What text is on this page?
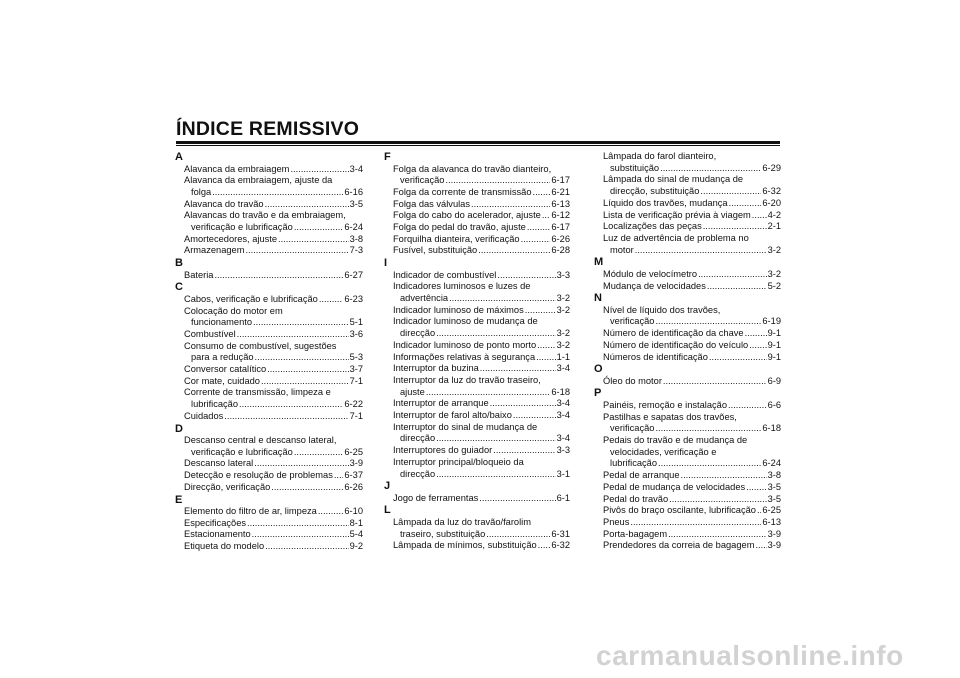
ÍNDICE REMISSIVO
A
Alavanca da embraiagem .....	3-4
Alavanca da embraiagem, ajuste da
folga .....	6-16
Alavanca do travão .....	3-5
Alavancas do travão e da embraiagem,
verificação e lubrificação .....	6-24
Amortecedores, ajuste .....	3-8
Armazenagem .....	7-3
B
Bateria .....	6-27
C
Cabos, verificação e lubrificação .....	6-23
Colocação do motor em
funcionamento .....	5-1
Combustível .....	3-6
Consumo de combustível, sugestões
para a redução .....	5-3
Conversor catalítico .....	3-7
Cor mate, cuidado .....	7-1
Corrente de transmissão, limpeza e
lubrificação .....	6-22
Cuidados .....	7-1
D
Descanso central e descanso lateral,
verificação e lubrificação .....	6-25
Descanso lateral .....	3-9
Detecção e resolução de problemas ..... 6-37
Direcção, verificação .....	6-26
E
Elemento do filtro de ar, limpeza .....	6-10
Especificações .....	8-1
Estacionamento .....	5-4
Etiqueta do modelo .....	9-2
F
Folga da alavanca do travão dianteiro,
verificação .....	6-17
Folga da corrente de transmissão ..... 6-21
Folga das válvulas .....	6-13
Folga do cabo do acelerador, ajuste ..... 6-12
Folga do pedal do travão, ajuste .....	6-17
Forquilha dianteira, verificação .....	6-26
Fusível, substituição .....	6-28
I
Indicador de combustível .....	3-3
Indicadores luminosos e luzes de
advertência .....	3-2
Indicador luminoso de máximos .....	3-2
Indicador luminoso de mudança de
direcção .....	3-2
Indicador luminoso de ponto morto ..... 3-2
Informações relativas à segurança ..... 1-1
Interruptor da buzina .....	3-4
Interruptor da luz do travão traseiro,
ajuste .....	6-18
Interruptor de arranque .....	3-4
Interruptor de farol alto/baixo .....	3-4
Interruptor do sinal de mudança de
direcção .....	3-4
Interruptores do guiador .....	3-3
Interruptor principal/bloqueio da
direcção .....	3-1
J
Jogo de ferramentas .....	6-1
L
Lâmpada da luz do travão/farolim
traseiro, substituição .....	6-31
Lâmpada de mínimos, substituição ..... 6-32
Lâmpada do farol dianteiro,
substituição .....	6-29
Lâmpada do sinal de mudança de
direcção, substituição .....	6-32
Líquido dos travões, mudança .....	6-20
Lista de verificação prévia à viagem ..... 4-2
Localizações das peças .....	2-1
Luz de advertência de problema no
motor .....	3-2
M
Módulo de velocímetro .....	3-2
Mudança de velocidades .....	5-2
N
Nível de líquido dos travões,
verificação .....	6-19
Número de identificação da chave .....	9-1
Número de identificação do veículo ..... 9-1
Números de identificação .....	9-1
O
Óleo do motor .....	6-9
P
Painéis, remoção e instalação .....	6-6
Pastilhas e sapatas dos travões,
verificação .....	6-18
Pedais do travão e de mudança de
velocidades, verificação e
lubrificação .....	6-24
Pedal de arranque .....	3-8
Pedal de mudança de velocidades ..... 3-5
Pedal do travão .....	3-5
Pivôs do braço oscilante, lubrificação ..... 6-25
Pneus .....	6-13
Porta-bagagem .....	3-9
Prendedores da correia de bagagem ..... 3-9
carmanualsonline.info
